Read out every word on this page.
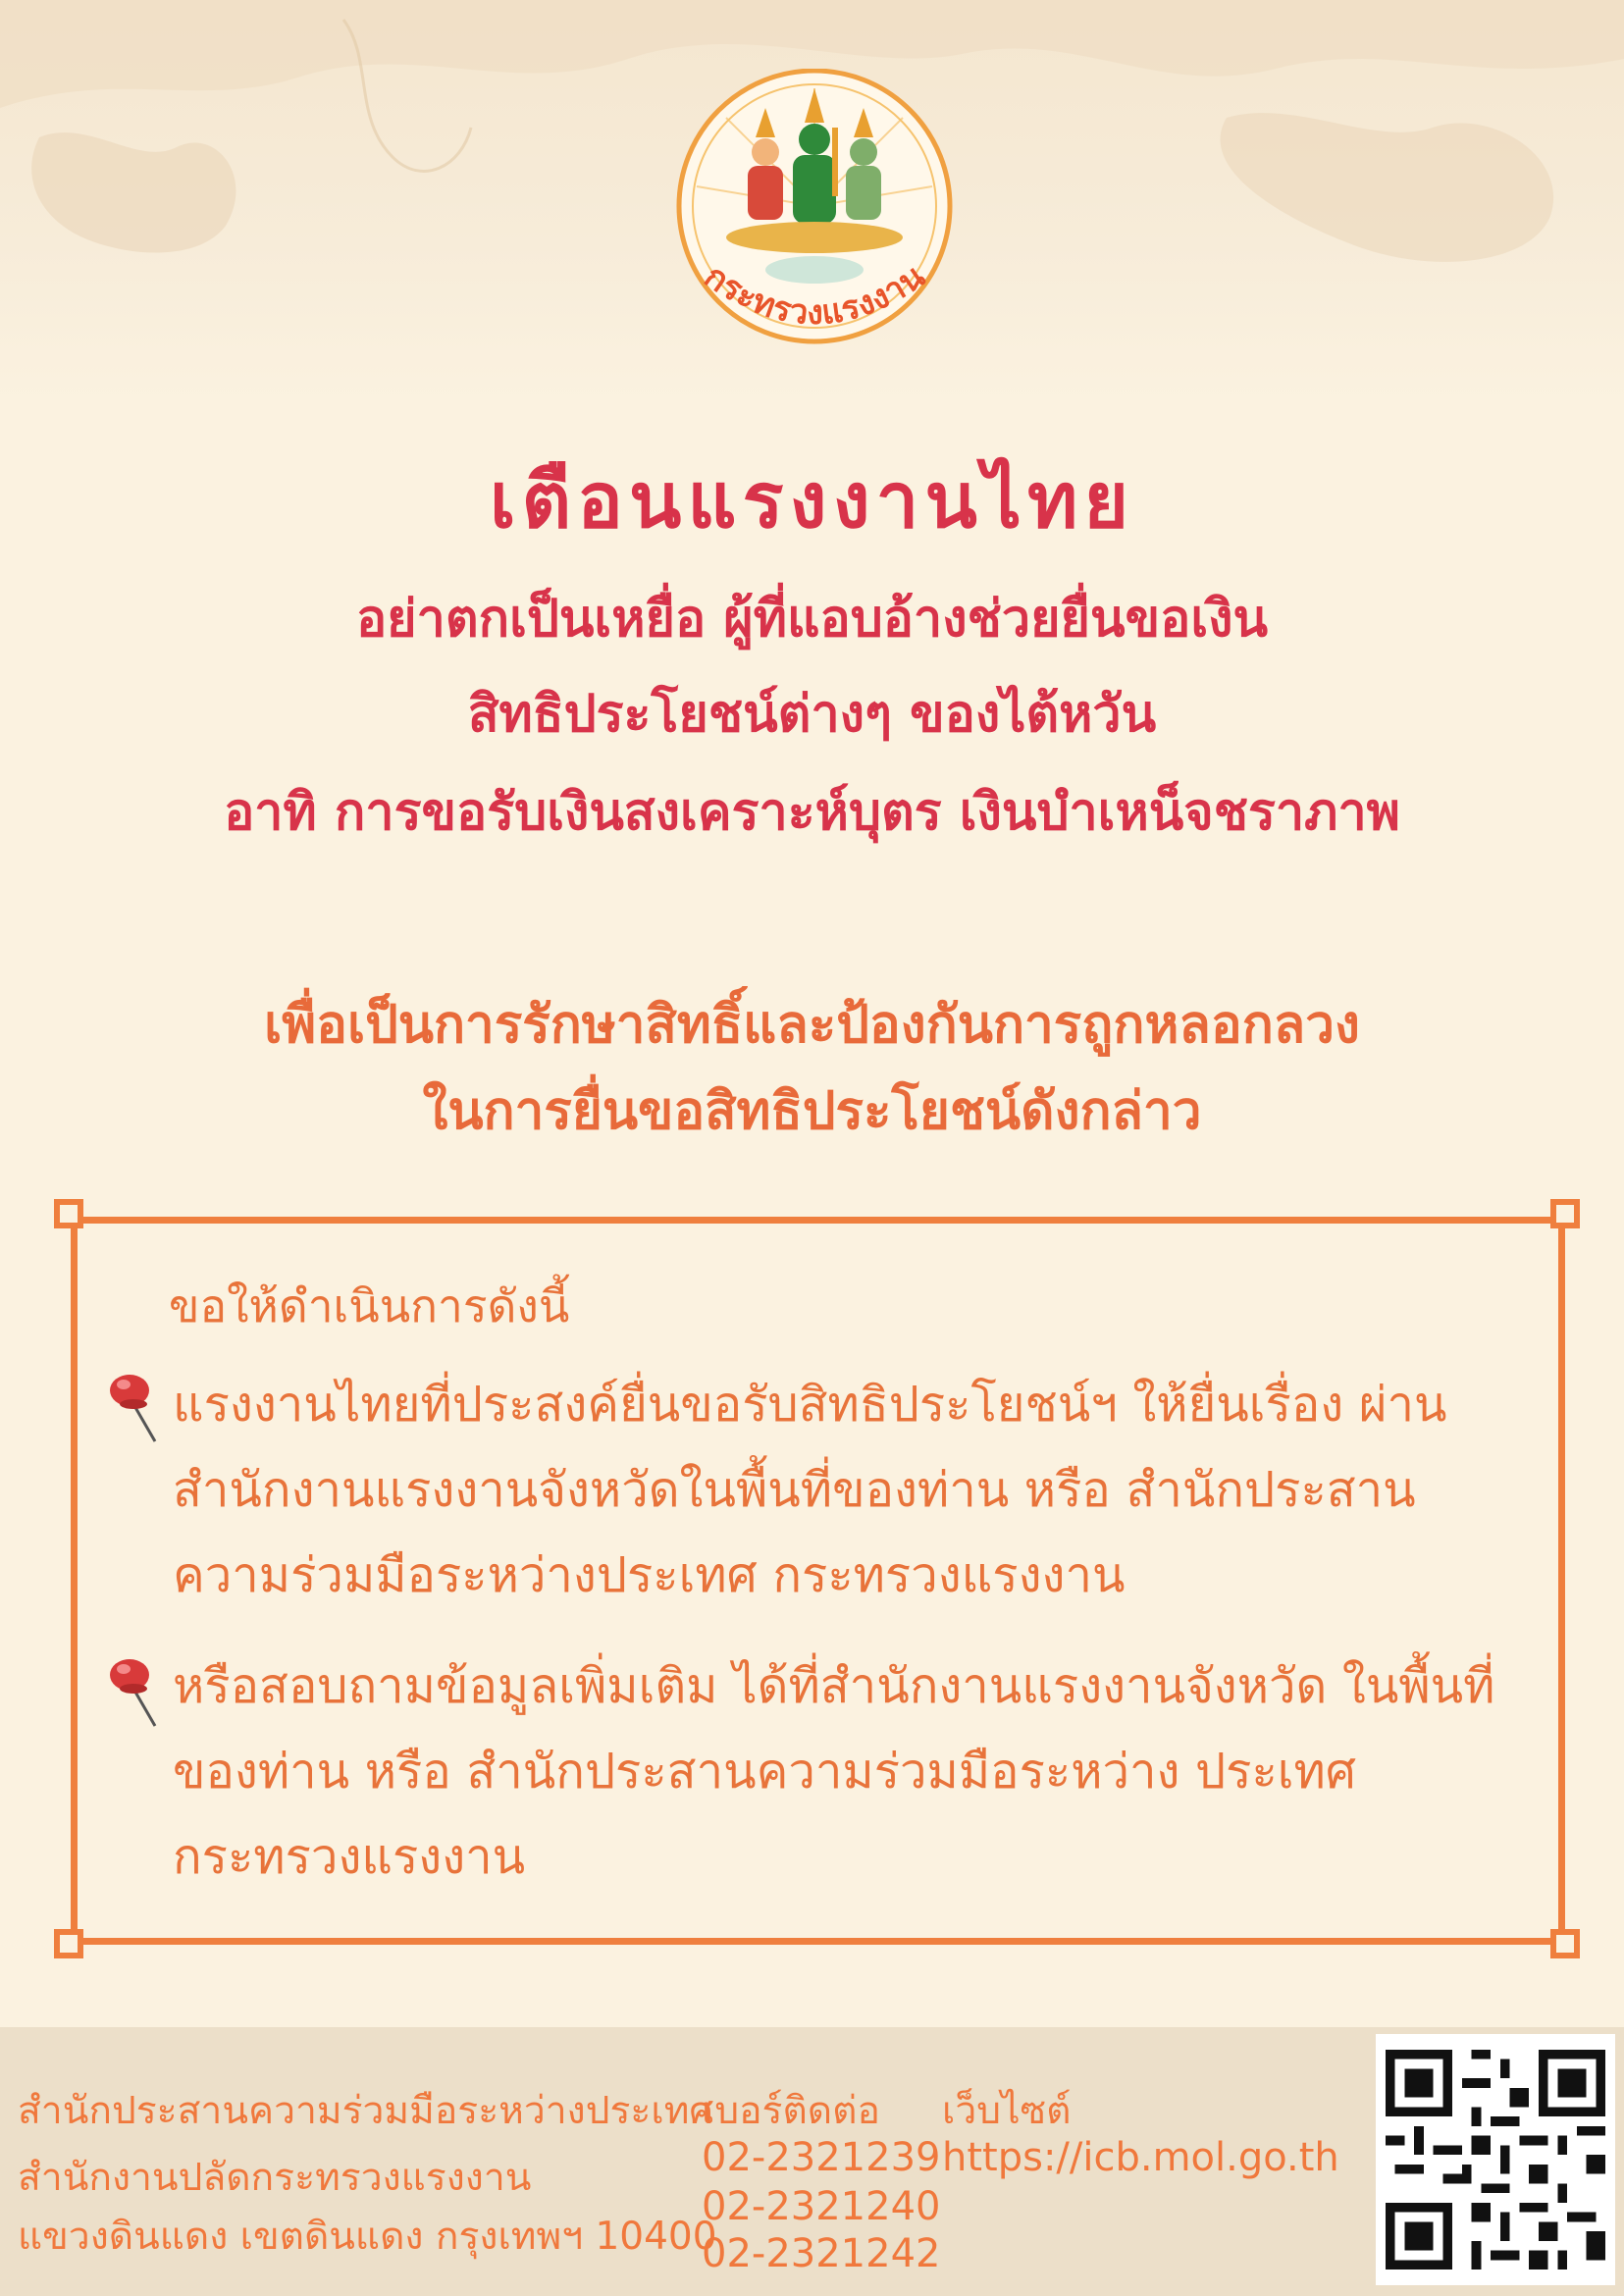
กระทรวงแรงงาน
เตือนแรงงานไทย

อย่าตกเป็นเหยื่อ ผู้ที่แอบอ้างช่วยยื่นขอเงิน

สิทธิประโยชน์ต่างๆ ของไต้หวัน

อาทิ การขอรับเงินสงเคราะห์บุตร เงินบำเหน็จชราภาพ

เพื่อเป็นการรักษาสิทธิ์และป้องกันการถูกหลอกลวง

ในการยื่นขอสิทธิประโยชน์ดังกล่าว

ขอให้ดำเนินการดังนี้

แรงงานไทยที่ประสงค์ยื่นขอรับสิทธิประโยชน์ฯ ให้ยื่นเรื่อง ผ่านสำนักงานแรงงานจังหวัดในพื้นที่ของท่าน หรือ สำนักประสานความร่วมมือระหว่างประเทศ กระทรวงแรงงาน

หรือสอบถามข้อมูลเพิ่มเติม ได้ที่สำนักงานแรงงานจังหวัด ในพื้นที่ของท่าน หรือ สำนักประสานความร่วมมือระหว่าง ประเทศ กระทรวงแรงงาน

สำนักประสานความร่วมมือระหว่างประเทศ

สำนักงานปลัดกระทรวงแรงงาน

แขวงดินแดง เขตดินแดง กรุงเทพฯ 10400

เบอร์ติดต่อ

02-2321239

02-2321240

02-2321242

เว็บไซต์

https://icb.mol.go.th
